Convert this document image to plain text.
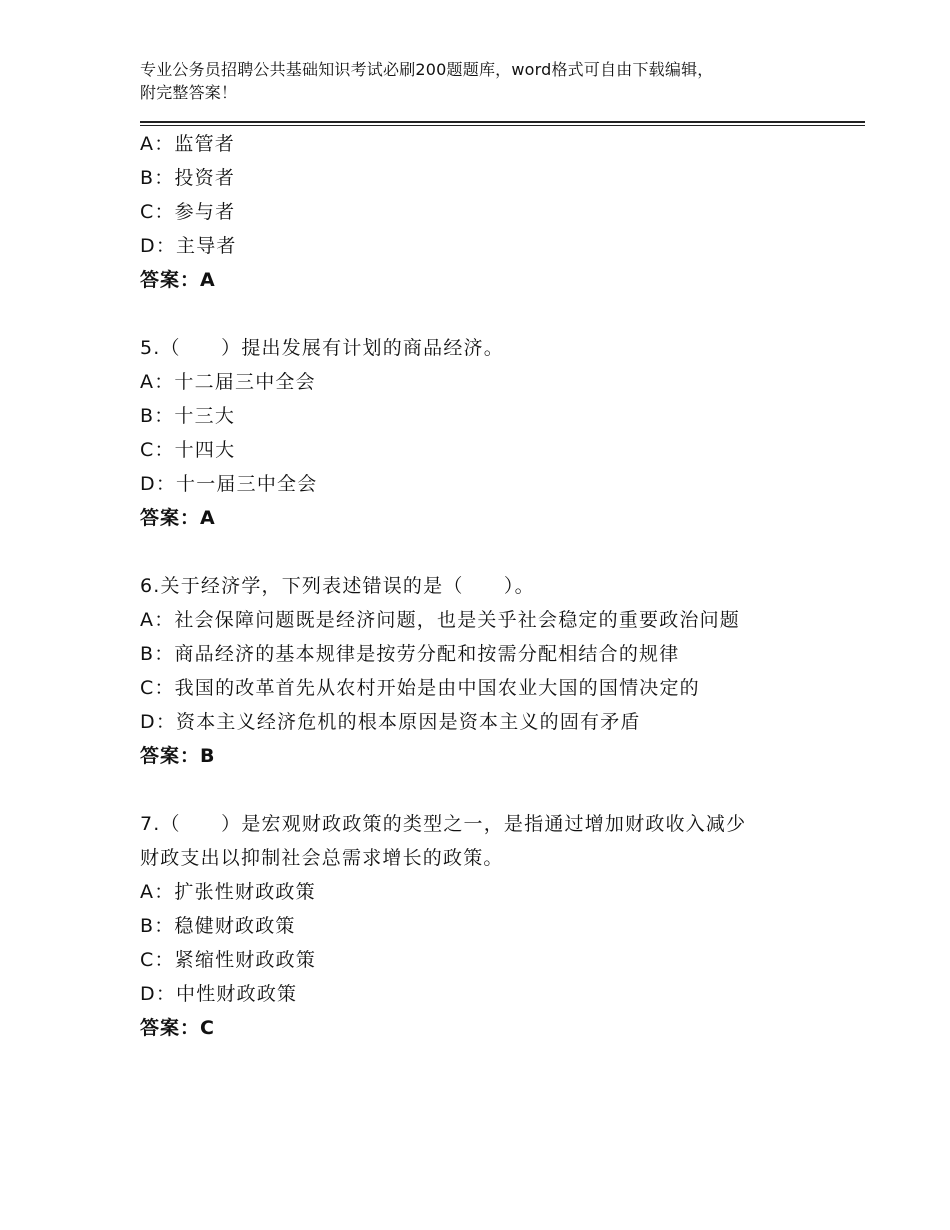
专业公务员招聘公共基础知识考试必刷200题题库，word格式可自由下载编辑，
附完整答案！
A：监管者
B：投资者
C：参与者
D：主导者
答案：A
5.（　　）提出发展有计划的商品经济。
A：十二届三中全会
B：十三大
C：十四大
D：十一届三中全会
答案：A
6.关于经济学，下列表述错误的是（　　）。
A：社会保障问题既是经济问题，也是关乎社会稳定的重要政治问题
B：商品经济的基本规律是按劳分配和按需分配相结合的规律
C：我国的改革首先从农村开始是由中国农业大国的国情决定的
D：资本主义经济危机的根本原因是资本主义的固有矛盾
答案：B
7.（　　）是宏观财政政策的类型之一，是指通过增加财政收入减少
财政支出以抑制社会总需求增长的政策。
A：扩张性财政政策
B：稳健财政政策
C：紧缩性财政政策
D：中性财政政策
答案：C
